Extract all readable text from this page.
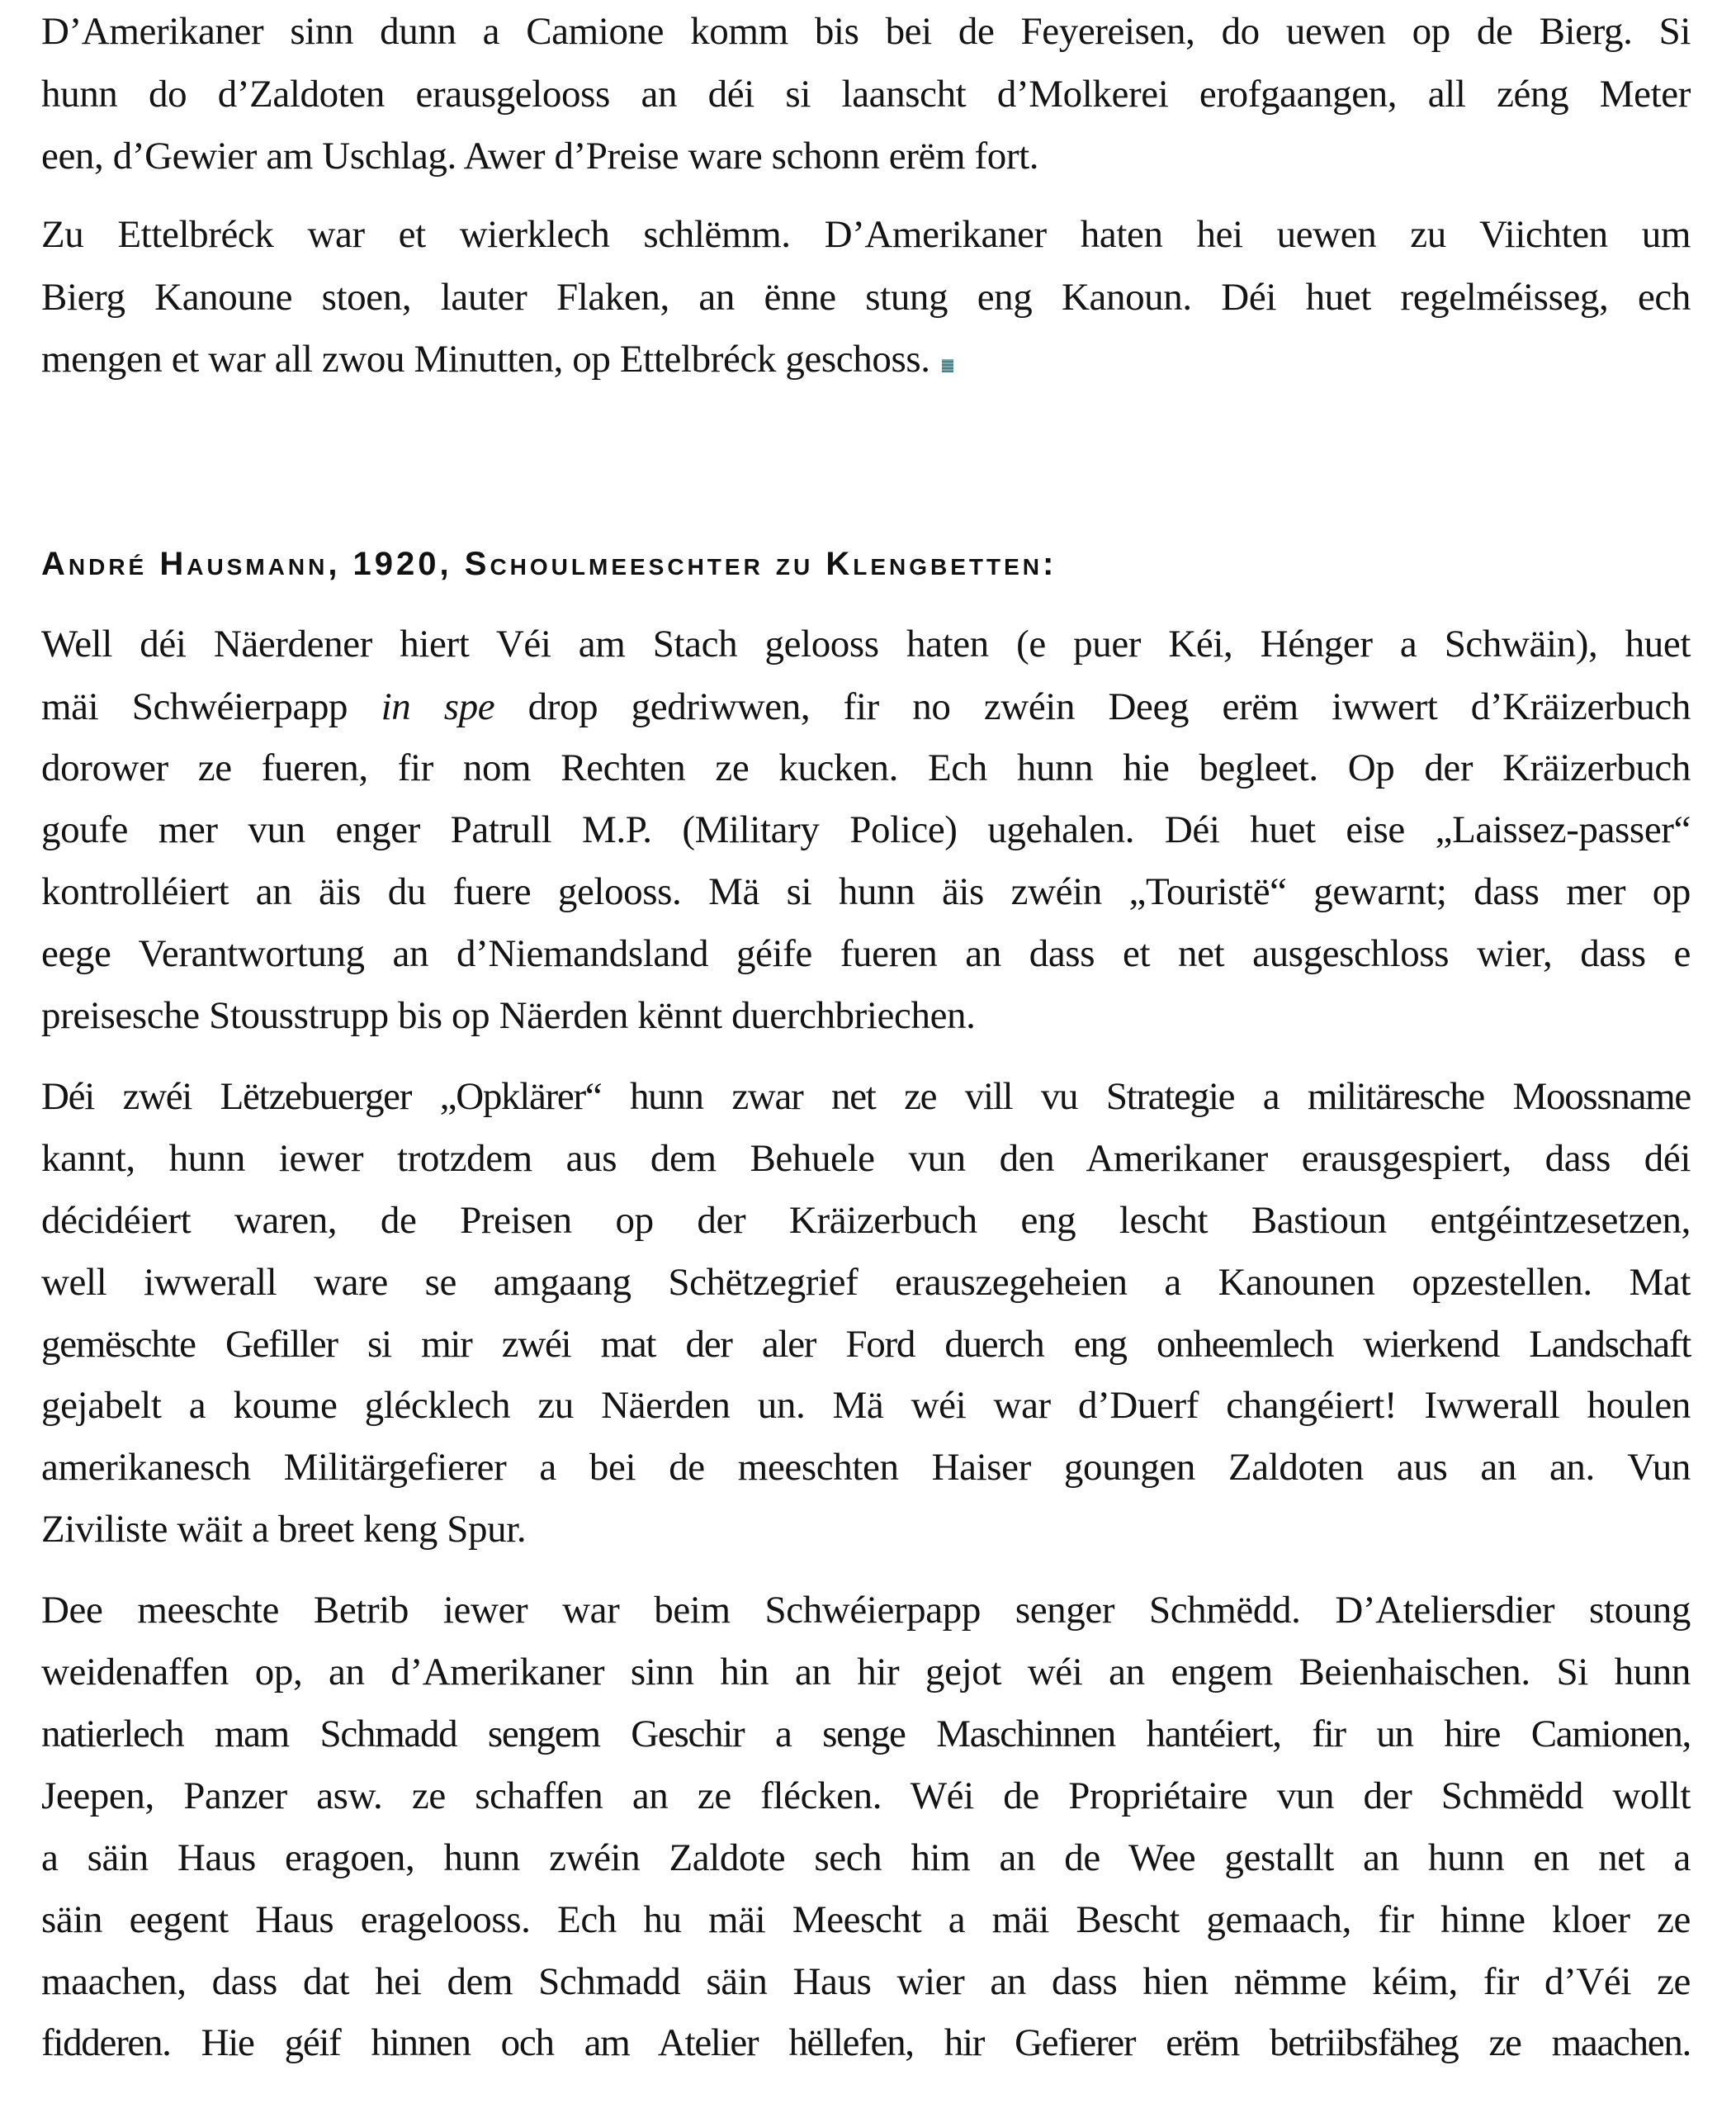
D’Amerikaner sinn dunn a Camione komm bis bei de Feyereisen, do uewen op de Bierg. Si
hunn do d’Zaldoten erausgelooss an déi si laanscht d’Molkerei erofgaangen, all zéng Meter
een, d’Gewier am Uschlag. Awer d’Preise ware schonn erëm fort.
Zu Ettelbréck war et wierklech schlëmm. D’Amerikaner haten hei uewen zu Viichten um
Bierg Kanoune stoen, lauter Flaken, an ënne stung eng Kanoun. Déi huet regelméisseg, ech
mengen et war all zwou Minutten, op Ettelbréck geschoss.
André Hausmann, 1920, Schoulmeeschter zu Klengbetten:
Well déi Näerdener hiert Véi am Stach gelooss haten (e puer Kéi, Hénger a Schwäin), huet
mäi Schwéierpapp in spe drop gedriwwen, fir no zwéin Deeg erëm iwwert d’Kräizerbuch
dorower ze fueren, fir nom Rechten ze kucken. Ech hunn hie begleet. Op der Kräizerbuch
goufe mer vun enger Patrull M.P. (Military Police) ugehalen. Déi huet eise „Laissez-passer“
kontrolléiert an äis du fuere gelooss. Mä si hunn äis zwéin „Touristë“ gewarnt; dass mer op
eege Verantwortung an d’Niemandsland géife fueren an dass et net ausgeschloss wier, dass e
preisesche Stousstrupp bis op Näerden kënnt duerchbriechen.
Déi zwéi Lëtzebuerger „Opklärer“ hunn zwar net ze vill vu Strategie a militäresche Moossname
kannt, hunn iewer trotzdem aus dem Behuele vun den Amerikaner erausgespiert, dass déi
décidéiert waren, de Preisen op der Kräizerbuch eng lescht Bastioun entgéintzesetzen,
well iwwerall ware se amgaang Schëtzegrief erauszegeheien a Kanounen opzestellen. Mat
gemëschte Gefiller si mir zwéi mat der aler Ford duerch eng onheemlech wierkend Landschaft
gejabelt a koume glécklech zu Näerden un. Mä wéi war d’Duerf changéiert! Iwwerall houlen
amerikanesch Militärgefierer a bei de meeschten Haiser goungen Zaldoten aus an an. Vun
Ziviliste wäit a breet keng Spur.
Dee meeschte Betrib iewer war beim Schwéierpapp senger Schmëdd. D’Ateliersdier stoung
weidenaffen op, an d’Amerikaner sinn hin an hir gejot wéi an engem Beienhaischen. Si hunn
natierlech mam Schmadd sengem Geschir a senge Maschinnen hantéiert, fir un hire Camionen,
Jeepen, Panzer asw. ze schaffen an ze flécken. Wéi de Propriétaire vun der Schmëdd wollt
a säin Haus eragoen, hunn zwéin Zaldote sech him an de Wee gestallt an hunn en net a
säin eegent Haus eragelooss. Ech hu mäi Meescht a mäi Bescht gemaach, fir hinne kloer ze
maachen, dass dat hei dem Schmadd säin Haus wier an dass hien nëmme kéim, fir d’Véi ze
fidderen. Hie géif hinnen och am Atelier hëllefen, hir Gefierer erëm betriibsfäheg ze maachen.
